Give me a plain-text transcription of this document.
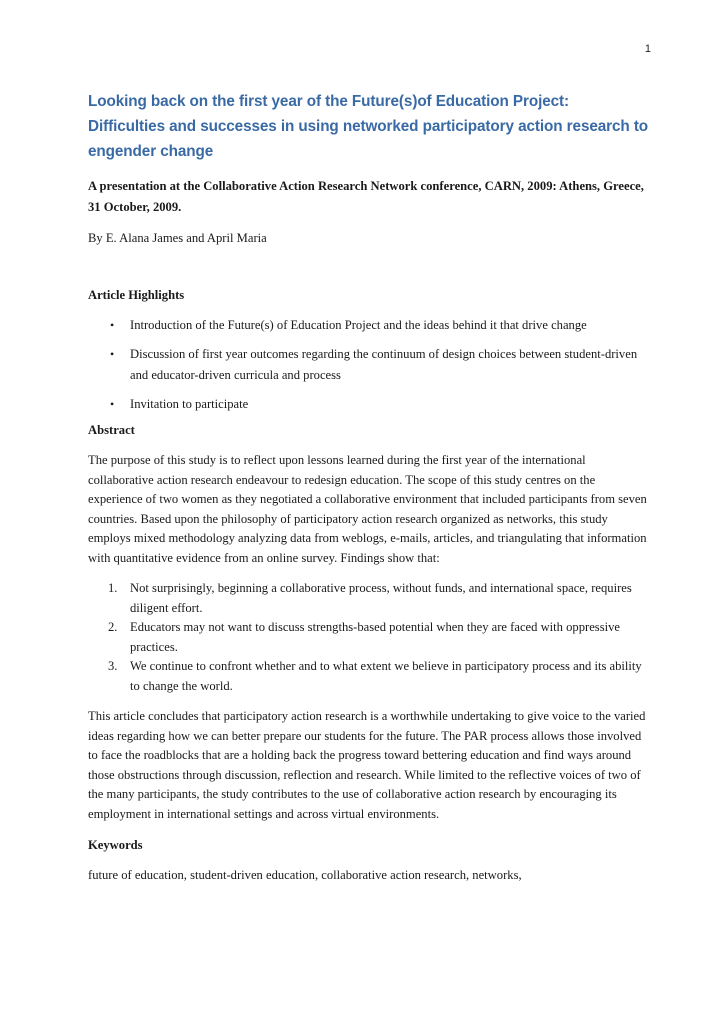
1
Looking back on the first year of the Future(s)of Education Project: Difficulties and successes in using networked participatory action research to engender change

A presentation at the Collaborative Action Research Network conference, CARN, 2009: Athens, Greece, 31 October, 2009.

By E. Alana James and April Maria

Article Highlights

• Introduction of the Future(s) of Education Project and the ideas behind it that drive change
• Discussion of first year outcomes regarding the continuum of design choices between student-driven and educator-driven curricula and process
• Invitation to participate

Abstract

The purpose of this study is to reflect upon lessons learned during the first year of the international collaborative action research endeavour to redesign education. The scope of this study centres on the experience of two women as they negotiated a collaborative environment that included participants from seven countries. Based upon the philosophy of participatory action research organized as networks, this study employs mixed methodology analyzing data from weblogs, e-mails, articles, and triangulating that information with quantitative evidence from an online survey. Findings show that:

1. Not surprisingly, beginning a collaborative process, without funds, and international space, requires diligent effort.
2. Educators may not want to discuss strengths-based potential when they are faced with oppressive practices.
3. We continue to confront whether and to what extent we believe in participatory process and its ability to change the world.

This article concludes that participatory action research is a worthwhile undertaking to give voice to the varied ideas regarding how we can better prepare our students for the future. The PAR process allows those involved to face the roadblocks that are a holding back the progress toward bettering education and find ways around those obstructions through discussion, reflection and research. While limited to the reflective voices of two of the many participants, the study contributes to the use of collaborative action research by encouraging its employment in international settings and across virtual environments.

Keywords

future of education, student-driven education, collaborative action research, networks,
